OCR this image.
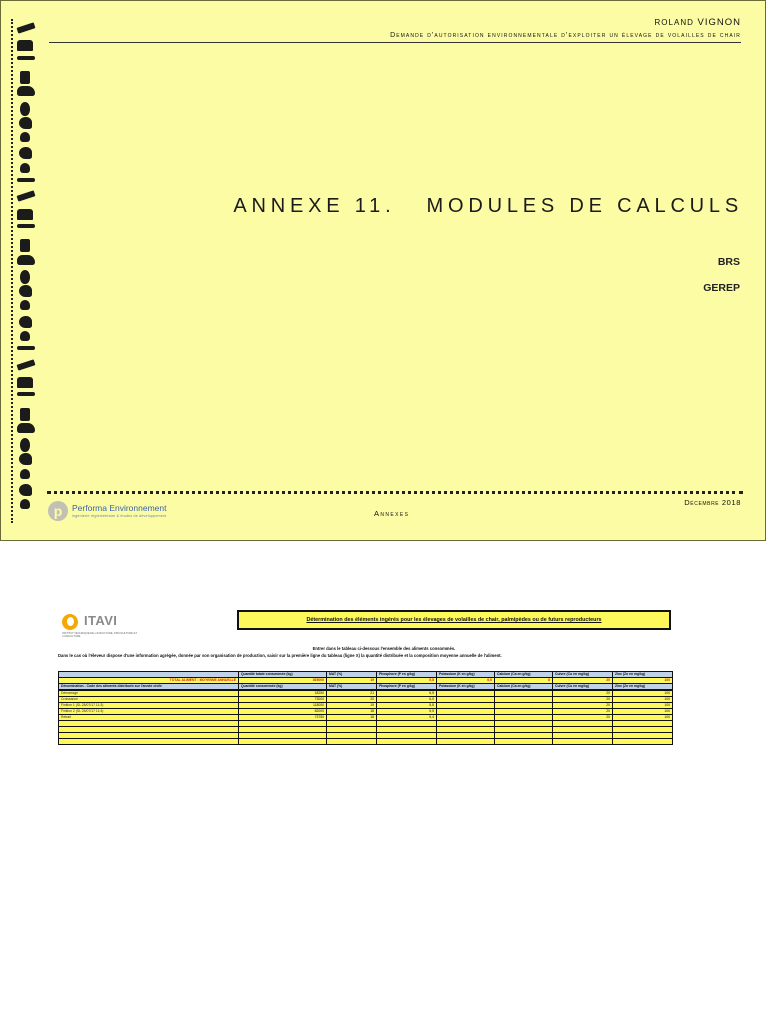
ROLAND VIGNON
Demande d'autorisation environnementale d'exploiter un élevage de volailles de chair
ANNEXE 11.   MODULES DE CALCULS
BRS
GEREP
Décembre 2018
Annexes
p	Performa Environnement
ingénierie réglementaire & études de développement
ITAVI
INSTITUT TECHNIQUE DE L'AVICULTURE, PISCICULTURE ET CUNICULTURE
Détermination des éléments ingérés pour les élevages de volailles de chair, palmipèdes ou de futurs reproducteurs
Entrer dans le tableau ci-dessous l'ensemble des aliments consommés.
Dans le cas où l'éleveur dispose d'une information agrégée, donnée par son organisation de production, saisir sur la première ligne du tableau (ligne X) la quantité distribuée et la composition moyenne annuelle de l'aliment.
	Quantité totale consommée (kg)	MAT (%)	Phosphore (P en g/kg)	Potassium (K en g/kg)	Calcium (Ca en g/kg)	Cuivre (Cu en mg/kg)	Zinc (Zn en mg/kg)
TOTAL ALIMENT : MOYENNE ANNUELLE	365000	19	5,8	6,6	8	20	100
Dénomination - Code des aliments distribués sur l'année civile	Quantité consommée (kg)	MAT (%)	Phosphore (P en g/kg)	Potassium (K en g/kg)	Calcium (Ca en g/kg)	Cuivre (Cu en mg/kg)	Zinc (Zn en mg/kg)
Démarrage	18250	21	6,5			20	100
Croissance	73000	20	6,0			20	100
Finition 1 (SL 28/07/17 11:3)	118000	19	5,8			20	100
Finition 2 (SL 28/07/17 11:4)	82000	18	5,5			20	100
Retrait	73750	18	5,4			20	100
